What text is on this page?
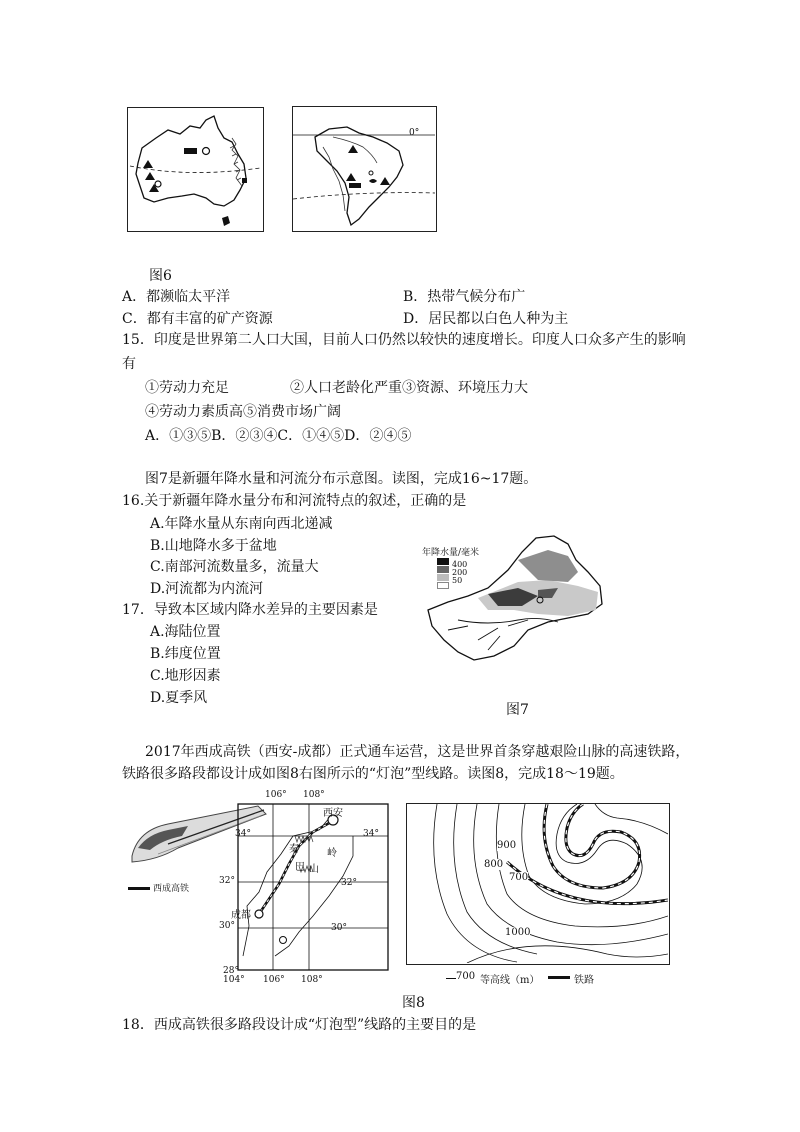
0°
图6
A．都濒临太平洋	B．热带气候分布广
C．都有丰富的矿产资源	D．居民都以白色人种为主
15．印度是世界第二人口大国，目前人口仍然以较快的速度增长。印度人口众多产生的影响
有
①劳动力充足	②人口老龄化严重③资源、环境压力大
④劳动力素质高⑤消费市场广阔
A．①③⑤B．②③④C．①④⑤D．②④⑤
图7是新疆年降水量和河流分布示意图。读图，完成16~17题。
16.关于新疆年降水量分布和河流特点的叙述，正确的是
A.年降水量从东南向西北递减
B.山地降水多于盆地
C.南部河流数量多，流量大
D.河流都为内流河
17．导致本区域内降水差异的主要因素是
A.海陆位置
B.纬度位置
C.地形因素
D.夏季风
年降水量/毫米
400
200
50
图7
2017年西成高铁（西安-成都）正式通车运营，这是世界首条穿越艰险山脉的高速铁路，
铁路很多路段都设计成如图8右图所示的“灯泡”型线路。读图8，完成18～19题。
西成高铁
106° 108°
34°
32°
30°
28°
34°
32°
30°
104° 106° 108°
西安
成都
秦	岭
巴 山
900
800
700
1000
700 等高线（m）	铁路
图8
18．西成高铁很多路段设计成“灯泡型”线路的主要目的是
